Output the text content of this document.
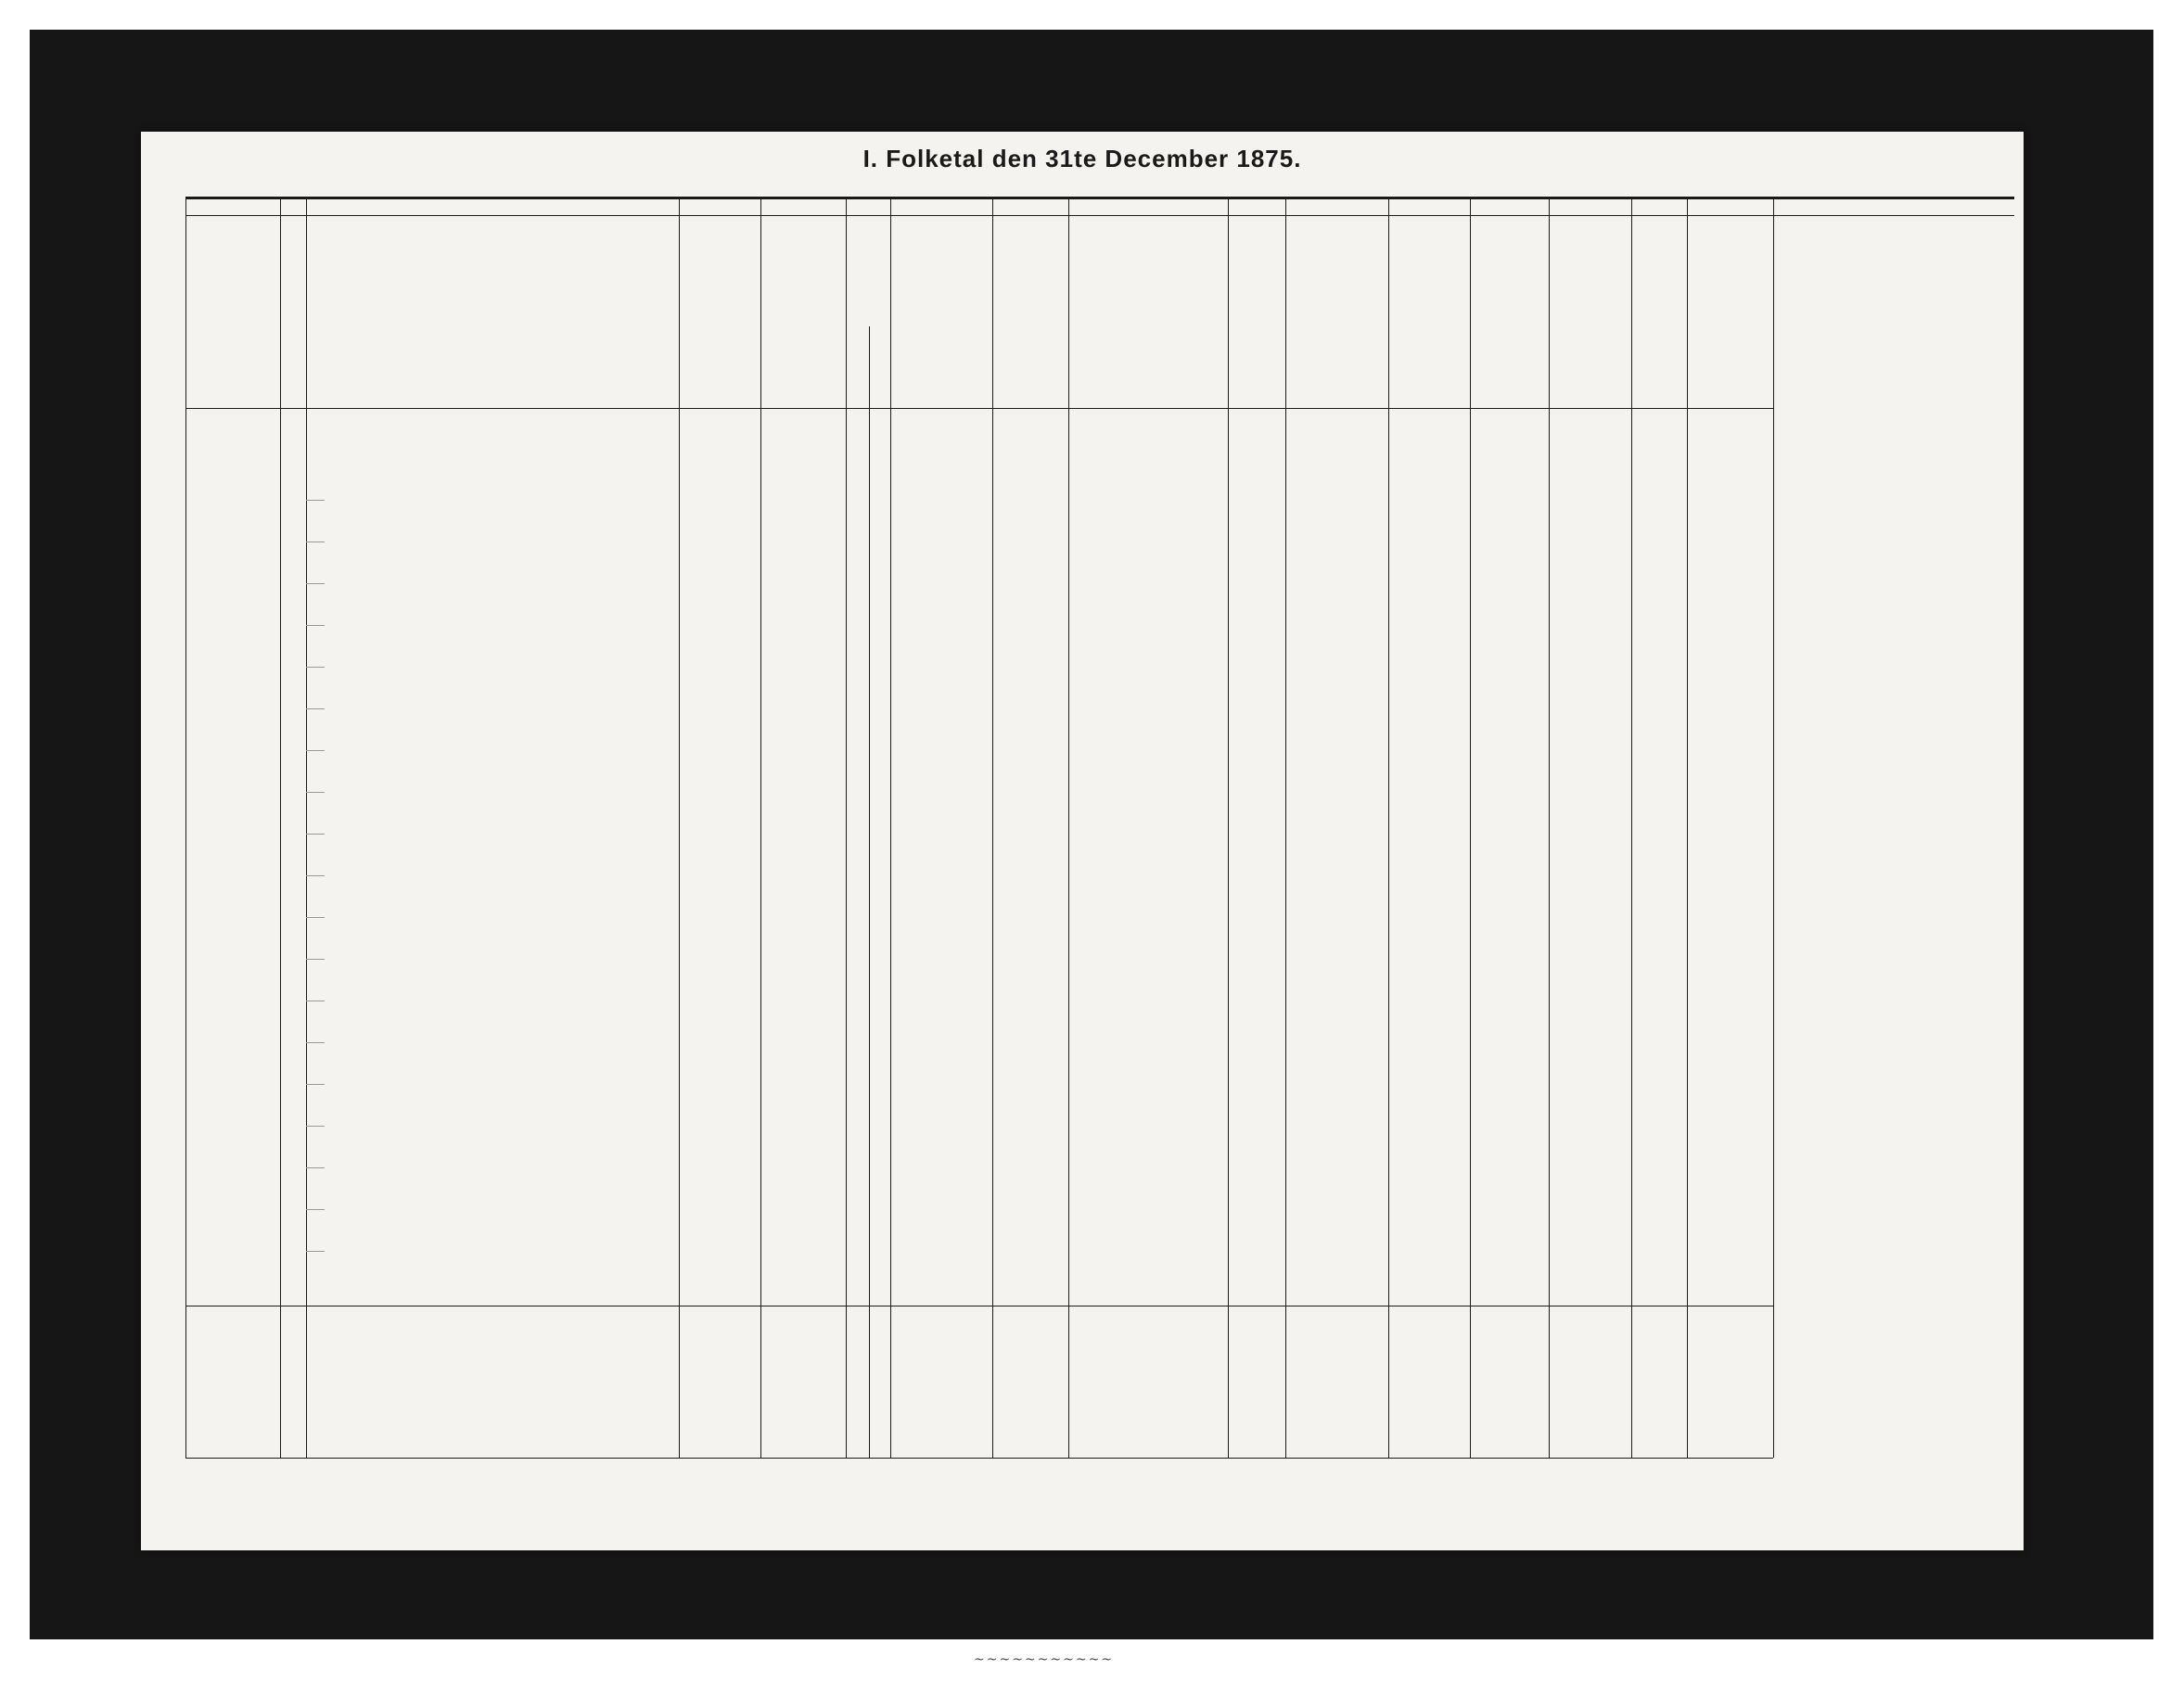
I. Folketal den 31te December 1875.
~~~~~~~~~~~
